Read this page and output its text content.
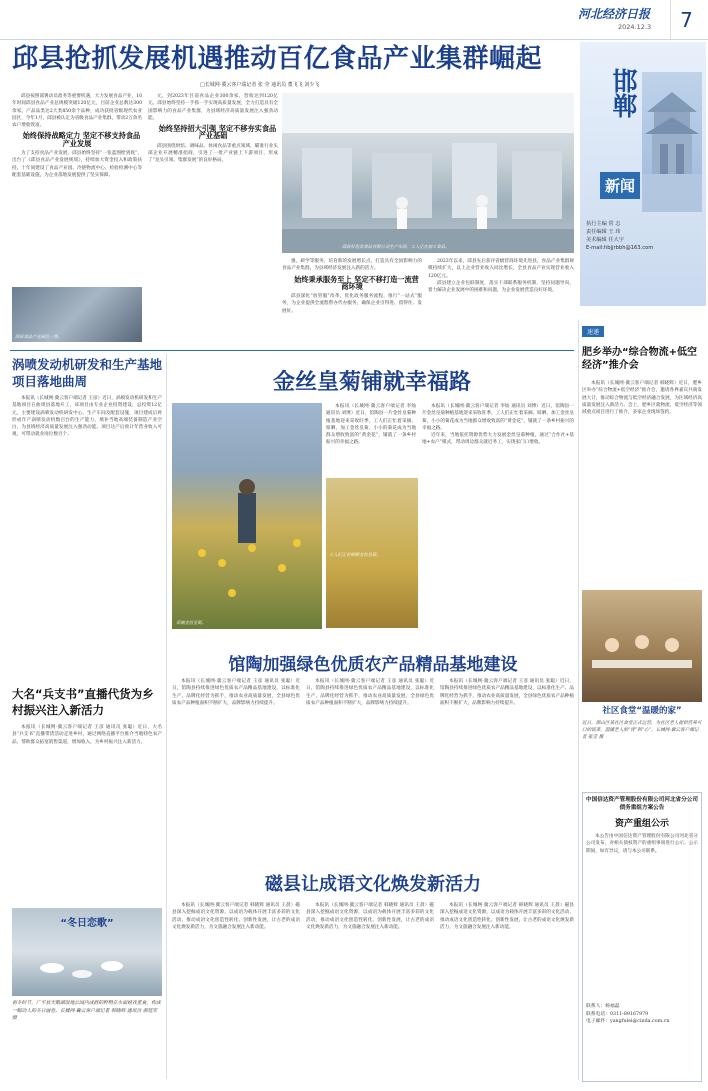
河北经济日报
2024.12.3	7
邱县抢抓发展机遇推动百亿食品产业集群崛起
□长城网·冀云客户端记者 张 莹 通讯员 董飞飞 刘少飞	邯郸
新闻
执行主编 常 志
责任编辑 王 玮
美术编辑 任大宇
E-mail:hbjjrbbh@163.com

邱县按照部署动员政务等重要机遇，大力发展食品产业，10年时间邱县食品产业总规模突破120亿元，目前企业总数达300余家，产品品类达2大类850余个品种，成功获批省级现代农业园区，今年1月，邱县被认定为省级食品产业集群，带动2万余名农户增收致富。

始终保持战略定力 坚定不移支持食品产业发展

为了支持食品产业发展，邱县始终坚持“一张蓝图绘到底”，出台了《邱县食品产业发展规划》，持续加大资金投入和政策扶持，十年间建设了食品产业园、冷链物流中心、检验检测中心等配套基础设施，为企业落地发展提供了坚实保障。

邱县食品产业园区一角。

元，到2023年目前食品企业300余家，营收达到120亿元。邱县始终坚持一手抓一手实现高质量发展，全力打造具有全国影响力的食品产业集群，为县域经济高质量发展注入强劲动能。

始终坚持招大引强 坚定不移夯实食品产业基础

邱县围绕烘焙、调味品、休闲食品等重点领域，瞄准行业头部企业开展精准招商，引进了一批产业链上下游项目，形成了“龙头引领、集群发展”的良好格局。

邱县好思美食品有限公司生产车间，工人正在加工食品。

强，研学等服务，培育新的发展增长点，打造具有全国影响力的食品产业集群，为县域经济发展注入新的活力。

始终秉承服务至上 坚定不移打造一流营商环境

邱县深化“放管服”改革，优化政务服务流程，推行“一站式”服务，为企业提供全流程帮办代办服务，确保企业引得进、留得住、发展好。

2023年以来，邱县先后获评省级营商环境先进县，食品产业集群规模持续扩大，以上企业营业收入同比增长，全县食品产业实现营业收入120亿元。

邱县建立企业包联制度，落实干部联系服务机制，坚持问题导向，着力解决企业发展中的困难和问题，为企业发展营造良好环境。

涡喷发动机研发和生产基地项目落地曲周

本报讯（长城网·冀云客户端记者 王彦）近日，涡喷发动机研发和生产基地项目在曲周县落地开工，该项目由专业企业投资建设，总投资12亿元，主要建设涡喷发动机研发中心、生产车间及配套设施，项目建成后将形成年产涡喷发动机数百台的生产能力，填补当地高端装备制造产业空白，为县域经济高质量发展注入强劲动能。项目达产后预计年营业收入可观，可带动就业岗位数百个。

大名“兵支书”直播代货为乡村振兴注入新活力

本报讯（长城网·冀云客户端记者 王彦 通讯员 张聪）近日，大名县“兵支书”直播带货活动走进乡村，通过网络直播平台推介当地特色农产品，帮助群众拓宽销售渠道，增加收入，为乡村振兴注入新活力。

“冬日恋歌”
初冬时节，广平县天鹅湖湿地公园内成群的野鸭在水面嬉戏觅食，构成一幅动人的冬日画卷。长城网·冀云客户端记者 韩晓辉 通讯员 郝延军 摄
金丝皇菊铺就幸福路
采摘金丝皇菊。
工人们正在晾晒金丝皇菊。

本报讯（长城网·冀云客户端记者 李灿 通讯员 刘博）近日，馆陶县一片金丝皇菊种植基地迎来采收旺季，工人们正忙着采摘、晾晒、加工金丝皇菊，小小的菊花成为当地群众增收致富的“黄金花”，铺就了一条乡村振兴的幸福之路。

本报讯（长城网·冀云客户端记者 李灿 通讯员 刘博）近日，馆陶县一片金丝皇菊种植基地迎来采收旺季，工人们正忙着采摘、晾晒、加工金丝皇菊，小小的菊花成为当地群众增收致富的“黄金花”，铺就了一条乡村振兴的幸福之路。

近年来，当地依托资源优势大力发展金丝皇菊种植，通过“合作社+基地+农户”模式，带动周边群众就近务工，实现家门口增收。

速递
肥乡举办“综合物流+低空经济”推介会

本报讯（长城网·冀云客户端记者 韩晓辉）近日，肥乡区举办“综合物流+低空经济”推介会，邀请各界嘉宾共商发展大计，推动综合物流与低空经济融合发展，为区域经济高质量发展注入新活力。会上，肥乡区就物流、低空经济等领域重点项目进行了推介，多家企业现场签约。

社区食堂“温暖的家”
近日，邯山区某社区食堂正式运营，为社区老人提供营养可口的饭菜，温暖老人的“胃”和“心”。长城网·冀云客户端记者 张莹 摄
馆陶加强绿色优质农产品精品基地建设

本报讯（长城网·冀云客户端记者 王彦 通讯员 张聪）近日，馆陶县持续推进绿色优质农产品精品基地建设，以标准化生产、品牌化经营为抓手，推动农业高质量发展，全县绿色优质农产品种植面积不断扩大，品牌影响力持续提升。

本报讯（长城网·冀云客户端记者 王彦 通讯员 张聪）近日，馆陶县持续推进绿色优质农产品精品基地建设，以标准化生产、品牌化经营为抓手，推动农业高质量发展，全县绿色优质农产品种植面积不断扩大，品牌影响力持续提升。

本报讯（长城网·冀云客户端记者 王彦 通讯员 张聪）近日，馆陶县持续推进绿色优质农产品精品基地建设，以标准化生产、品牌化经营为抓手，推动农业高质量发展，全县绿色优质农产品种植面积不断扩大，品牌影响力持续提升。

磁县让成语文化焕发新活力

本报讯（长城网·冀云客户端记者 韩晓辉 通讯员 王晨）磁县深入挖掘成语文化资源，以成语为载体开展丰富多彩的文化活动，推动成语文化创造性转化、创新性发展，让古老的成语文化焕发新活力，为文旅融合发展注入新动能。

本报讯（长城网·冀云客户端记者 韩晓辉 通讯员 王晨）磁县深入挖掘成语文化资源，以成语为载体开展丰富多彩的文化活动，推动成语文化创造性转化、创新性发展，让古老的成语文化焕发新活力，为文旅融合发展注入新动能。

本报讯（长城网·冀云客户端记者 韩晓辉 通讯员 王晨）磁县深入挖掘成语文化资源，以成语为载体开展丰富多彩的文化活动，推动成语文化创造性转化、创新性发展，让古老的成语文化焕发新活力，为文旅融合发展注入新动能。

中国信达资产管理股份有限公司河北省分公司债务重组方案公告
资产重组公示

本公告由中国信达资产管理股份有限公司河北省分公司发布，对相关债权资产的重组事项进行公示。公示期间，如有异议，请与本公司联系。

联系人：杨福磊
联系电话：0311-89167979
电子邮件：yangfulei@cinda.com.cn
